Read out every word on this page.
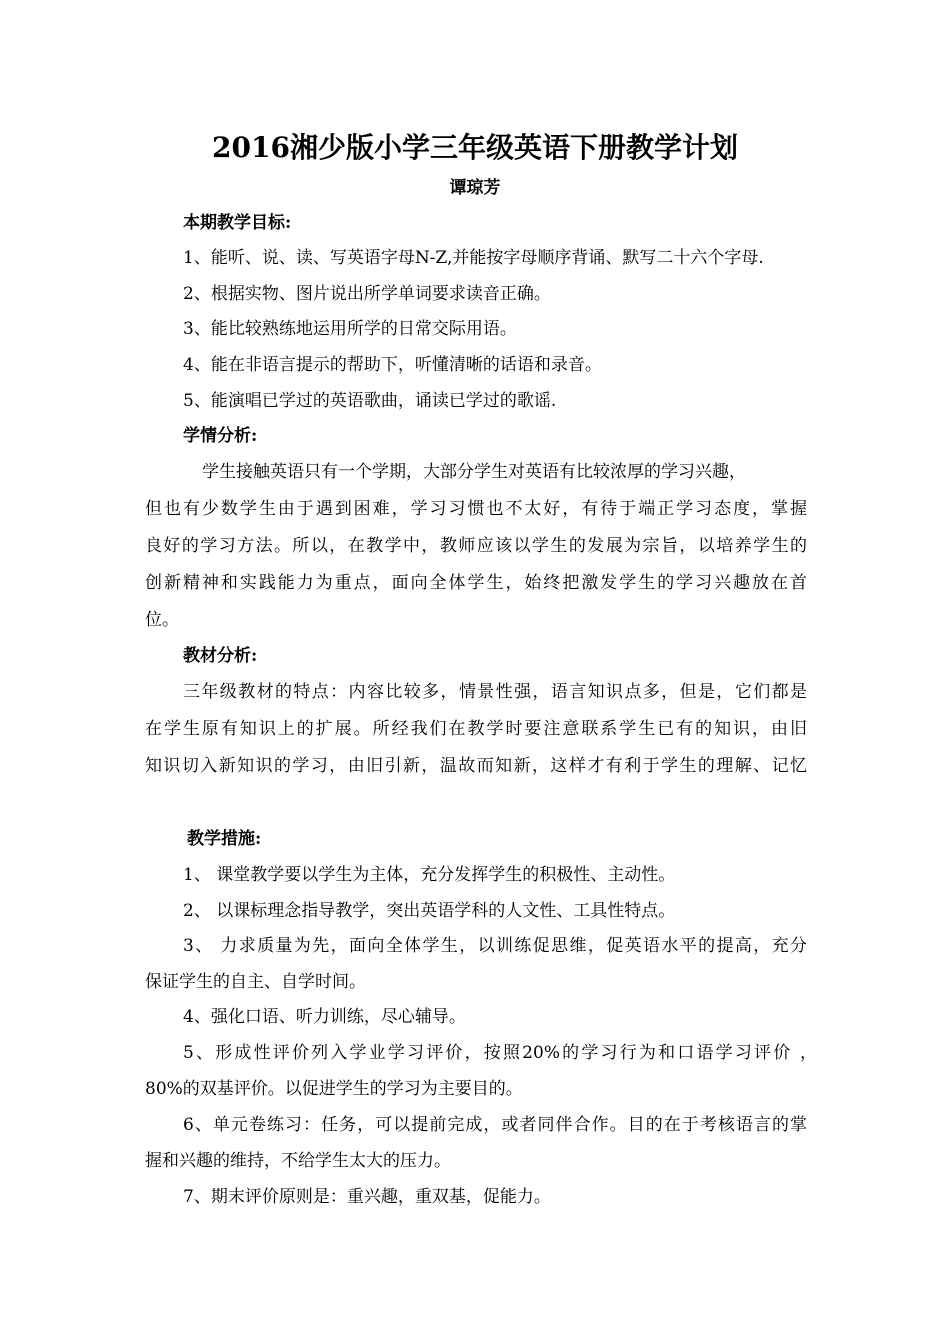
2016湘少版小学三年级英语下册教学计划
谭琼芳
本期教学目标:
1、能听、说、读、写英语字母N-Z,并能按字母顺序背诵、默写二十六个字母.
2、根据实物、图片说出所学单词要求读音正确。
3、能比较熟练地运用所学的日常交际用语。
4、能在非语言提示的帮助下，听懂清晰的话语和录音。
5、能演唱已学过的英语歌曲，诵读已学过的歌谣.
学情分析:
学生接触英语只有一个学期，大部分学生对英语有比较浓厚的学习兴趣，
但也有少数学生由于遇到困难，学习习惯也不太好，有待于端正学习态度，掌握
良好的学习方法。所以，在教学中，教师应该以学生的发展为宗旨，以培养学生的
创新精神和实践能力为重点，面向全体学生，始终把激发学生的学习兴趣放在首
位。
教材分析:
三年级教材的特点：内容比较多，情景性强，语言知识点多，但是，它们都是
在学生原有知识上的扩展。所经我们在教学时要注意联系学生已有的知识，由旧
知识切入新知识的学习，由旧引新，温故而知新，这样才有利于学生的理解、记忆
教学措施:
1、 课堂教学要以学生为主体，充分发挥学生的积极性、主动性。
2、 以课标理念指导教学，突出英语学科的人文性、工具性特点。
3、 力求质量为先，面向全体学生，以训练促思维，促英语水平的提高，充分
保证学生的自主、自学时间。
4、强化口语、听力训练，尽心辅导。
5、形成性评价列入学业学习评价，按照20%的学习行为和口语学习评价 ，
80%的双基评价。以促进学生的学习为主要目的。
6、单元卷练习：任务，可以提前完成，或者同伴合作。目的在于考核语言的掌
握和兴趣的维持，不给学生太大的压力。
7、期末评价原则是：重兴趣，重双基，促能力。
